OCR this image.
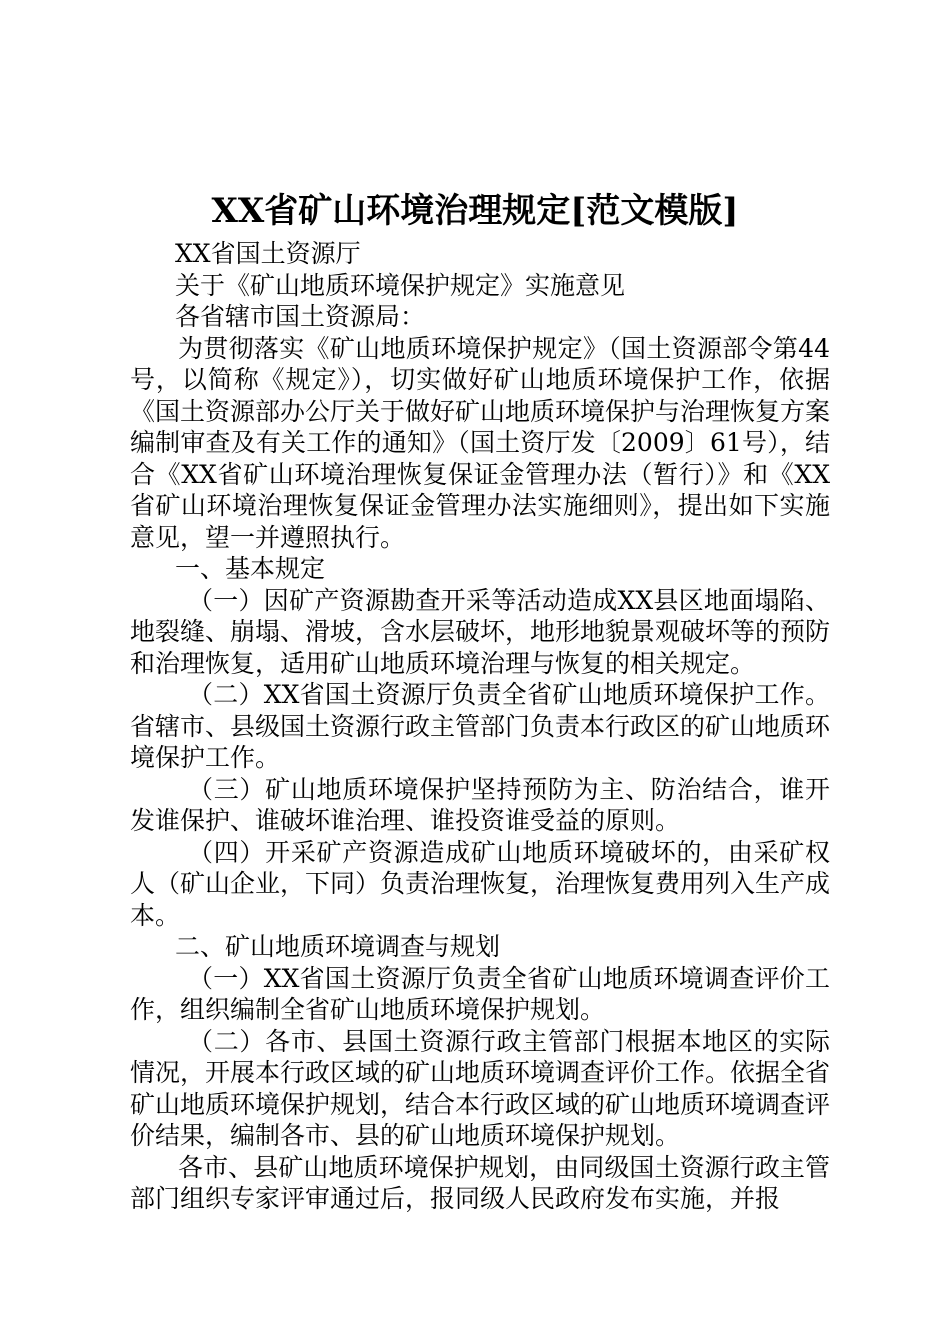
XX省矿山环境治理规定[范文模版]

XX省国土资源厅

关于《矿山地质环境保护规定》实施意见

各省辖市国土资源局：

为贯彻落实《矿山地质环境保护规定》（国土资源部令第44号，以简称《规定》），切实做好矿山地质环境保护工作，依据《国土资源部办公厅关于做好矿山地质环境保护与治理恢复方案编制审查及有关工作的通知》（国土资厅发〔2009〕61号），结合《XX省矿山环境治理恢复保证金管理办法（暂行）》和《XX省矿山环境治理恢复保证金管理办法实施细则》，提出如下实施意见，望一并遵照执行。

一、基本规定

（一）因矿产资源勘查开采等活动造成XX县区地面塌陷、地裂缝、崩塌、滑坡，含水层破坏，地形地貌景观破坏等的预防和治理恢复，适用矿山地质环境治理与恢复的相关规定。

（二）XX省国土资源厅负责全省矿山地质环境保护工作。省辖市、县级国土资源行政主管部门负责本行政区的矿山地质环境保护工作。

（三）矿山地质环境保护坚持预防为主、防治结合，谁开发谁保护、谁破坏谁治理、谁投资谁受益的原则。

（四）开采矿产资源造成矿山地质环境破坏的，由采矿权人（矿山企业，下同）负责治理恢复，治理恢复费用列入生产成本。

二、矿山地质环境调查与规划

（一）XX省国土资源厅负责全省矿山地质环境调查评价工作，组织编制全省矿山地质环境保护规划。

（二）各市、县国土资源行政主管部门根据本地区的实际情况，开展本行政区域的矿山地质环境调查评价工作。依据全省矿山地质环境保护规划，结合本行政区域的矿山地质环境调查评价结果，编制各市、县的矿山地质环境保护规划。

各市、县矿山地质环境保护规划，由同级国土资源行政主管部门组织专家评审通过后，报同级人民政府发布实施，并报
